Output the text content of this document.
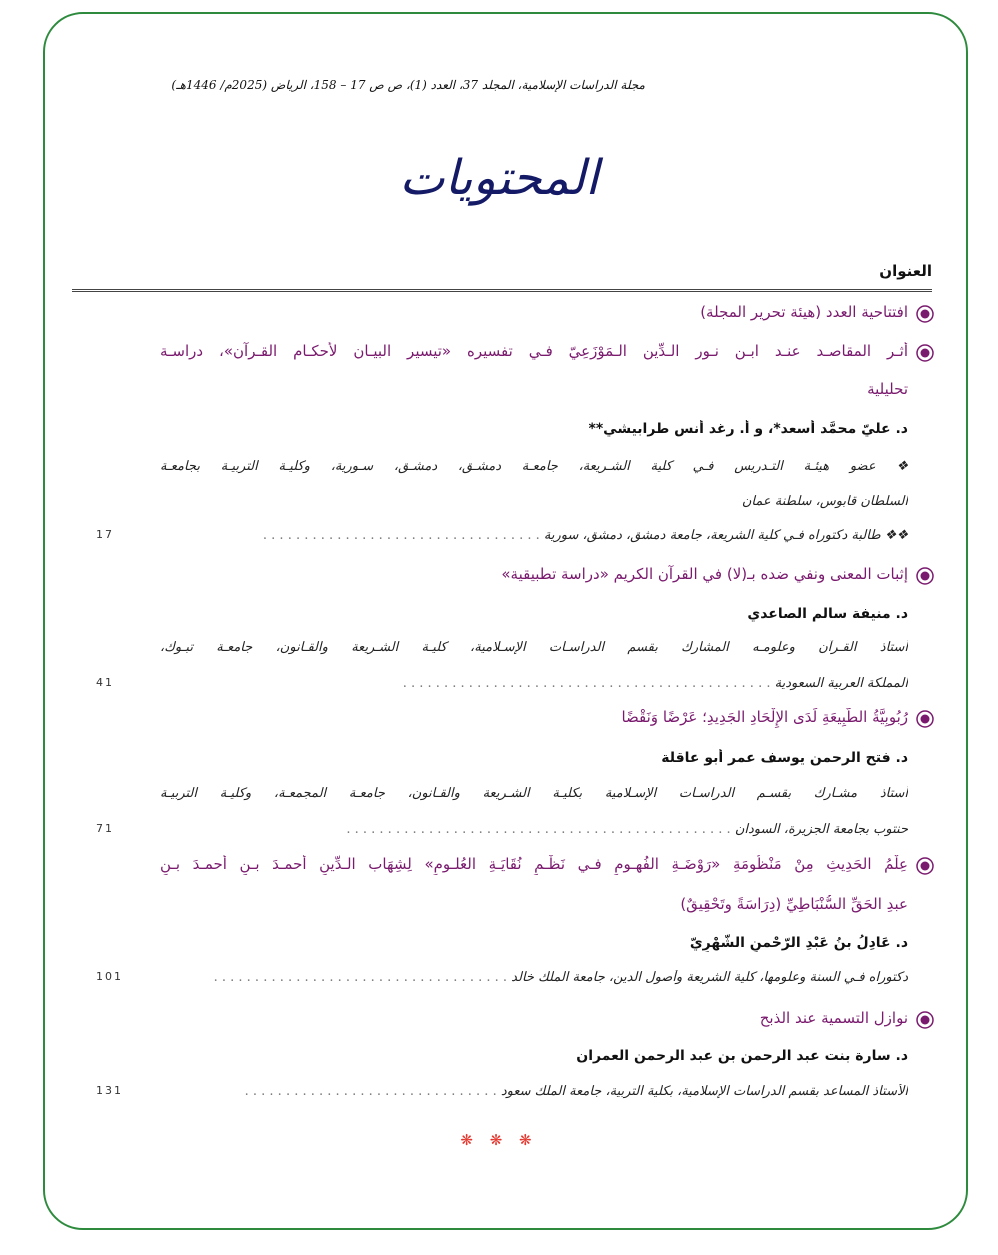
مجلة الدراسات الإسلامية، المجلد 37، العدد (1)، ص ص 17 – 158، الرياض (2025م/ 1446هـ)
المحتويات
العنوان
افتتاحية العدد (هيئة تحرير المجلة)
أثـر المقاصـد عنـد ابـن نـور الـدِّين الـمَوْزَعِيّ فـي تفسيره «تيسير البيـان لأحكـام القـرآن»، دراسـة
تحليلية
د. عليّ محمَّد أسعد*، و أ. رغد أنس طرابيشي**
❖ عضو هيئـة التـدريس فـي كلية الشـريعة، جامعـة دمشـق، دمشـق، سـورية، وكليـة التربيـة بجامعـة
السلطان قابوس، سلطنة عمان
❖❖ طالبة دكتوراه فـي كلية الشريعة، جامعة دمشق، دمشق، سورية . . . . . . . . . . . . . . . . . . . . . . . . . . . . . . . . . .
17
إثبات المعنى ونفي ضده بـ(لا) في القرآن الكريم «دراسة تطبيقية»
د. منيفة سالم الصاعدي
أستاذ القـرآن وعلومـه المشارك بقسم الدراسـات الإسـلامية، كليـة الشـريعة والقـانون، جامعـة تبـوك،
المملكة العربية السعودية . . . . . . . . . . . . . . . . . . . . . . . . . . . . . . . . . . . . . . . . . . . . .
41
رُبُوبِيَّةُ الطَّبِيعَةِ لَدَى الإِلْحَادِ الجَدِيدِ؛ عَرْضًا وَنَقْضًا
د. فتح الرحمن يوسف عمر أبو عاقلة
أستاذ مشـارك بقسـم الدراسـات الإسـلامية بكليـة الشـريعة والقـانون، جامعـة المجمعـة، وكليـة التربيـة
حنتوب بجامعة الجزيرة، السودان . . . . . . . . . . . . . . . . . . . . . . . . . . . . . . . . . . . . . . . . . . . . . . .
71
عِلْمُ الحَدِيثِ مِنْ مَنْظُومَةِ «رَوْضَـةِ الفُهـومِ فـي نَظْـمِ نُقَايَـةِ العُلـومِ» لِشِهَاب الـدِّينِ أحمـدَ بـنِ أحمـدَ بـنِ
عبدِ الحَقِّ السُّنْبَاطِيِّ (دِرَاسَةً وتَحْقِيقٌ)
د. عَادِلُ بنُ عَبْدِ الرّحْمنِ الشّهْرِيّ
دكتوراه فـي السنة وعلومها، كلية الشريعة وأصول الدين، جامعة الملك خالد . . . . . . . . . . . . . . . . . . . . . . . . . . . . . . . . . . . .
101
نوازل التسمية عند الذبح
د. سارة بنت عبد الرحمن بن عبد الرحمن العمران
الأستاذ المساعد بقسم الدراسات الإسلامية، بكلية التربية، جامعة الملك سعود . . . . . . . . . . . . . . . . . . . . . . . . . . . . . . .
131
❋ ❋ ❋
